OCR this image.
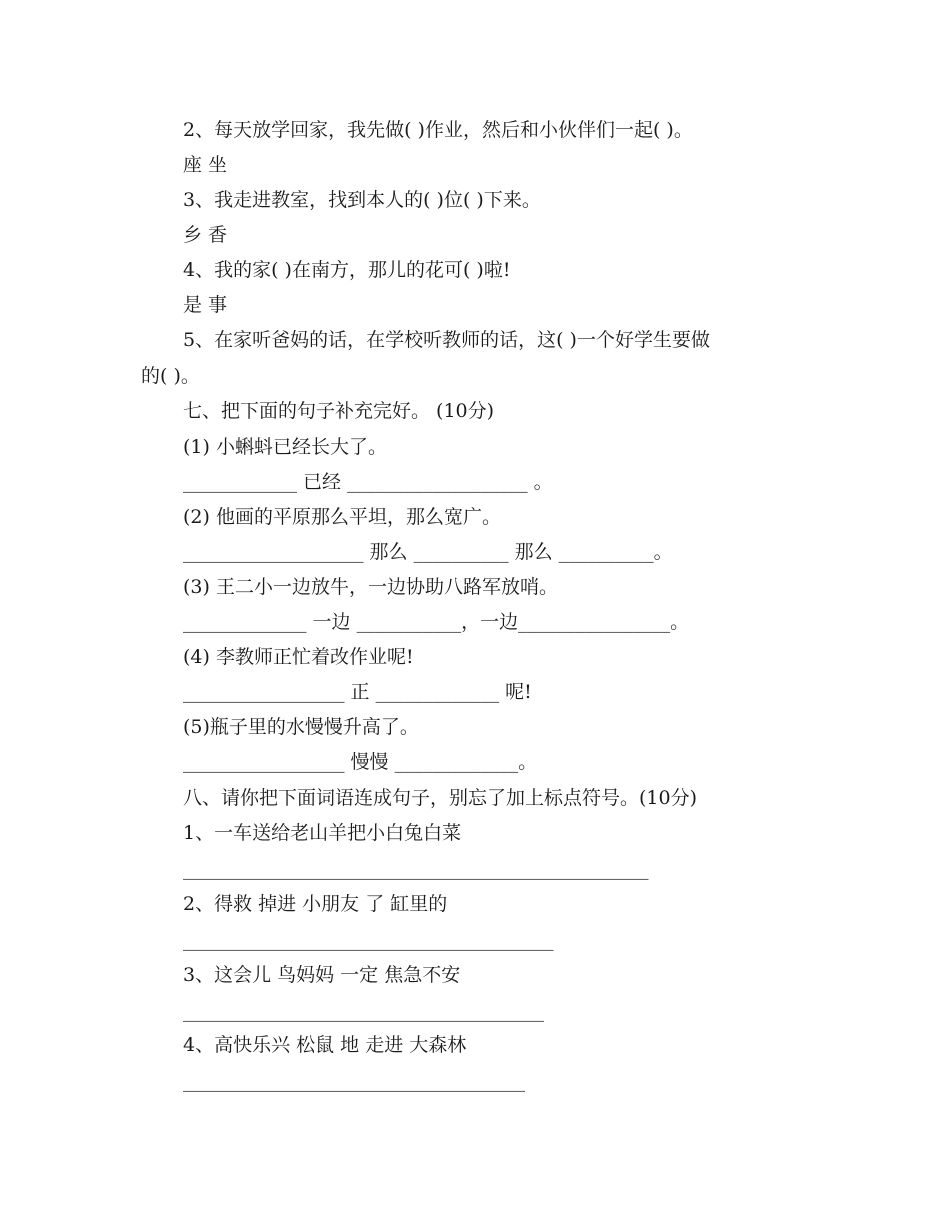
2、每天放学回家，我先做( )作业，然后和小伙伴们一起( )。
座 坐
3、我走进教室，找到本人的( )位( )下来。
乡 香
4、我的家( )在南方，那儿的花可( )啦!
是 事
5、在家听爸妈的话，在学校听教师的话，这( )一个好学生要做
的( )。
七、把下面的句子补充完好。 (10分)
(1) 小蝌蚪已经长大了。
____________ 已经 ___________________ 。
(2) 他画的平原那么平坦，那么宽广。
___________________ 那么 __________ 那么 __________。
(3) 王二小一边放牛，一边协助八路军放哨。
_____________ 一边 ___________，一边________________。
(4) 李教师正忙着改作业呢!
_________________ 正 _____________ 呢!
(5)瓶子里的水慢慢升高了。
_________________ 慢慢 _____________。
八、请你把下面词语连成句子，别忘了加上标点符号。(10分)
1、一车送给老山羊把小白兔白菜
_________________________________________________
2、得救 掉进 小朋友 了 缸里的
_______________________________________
3、这会儿 鸟妈妈 一定 焦急不安
______________________________________
4、高快乐兴 松鼠 地 走进 大森林
____________________________________
